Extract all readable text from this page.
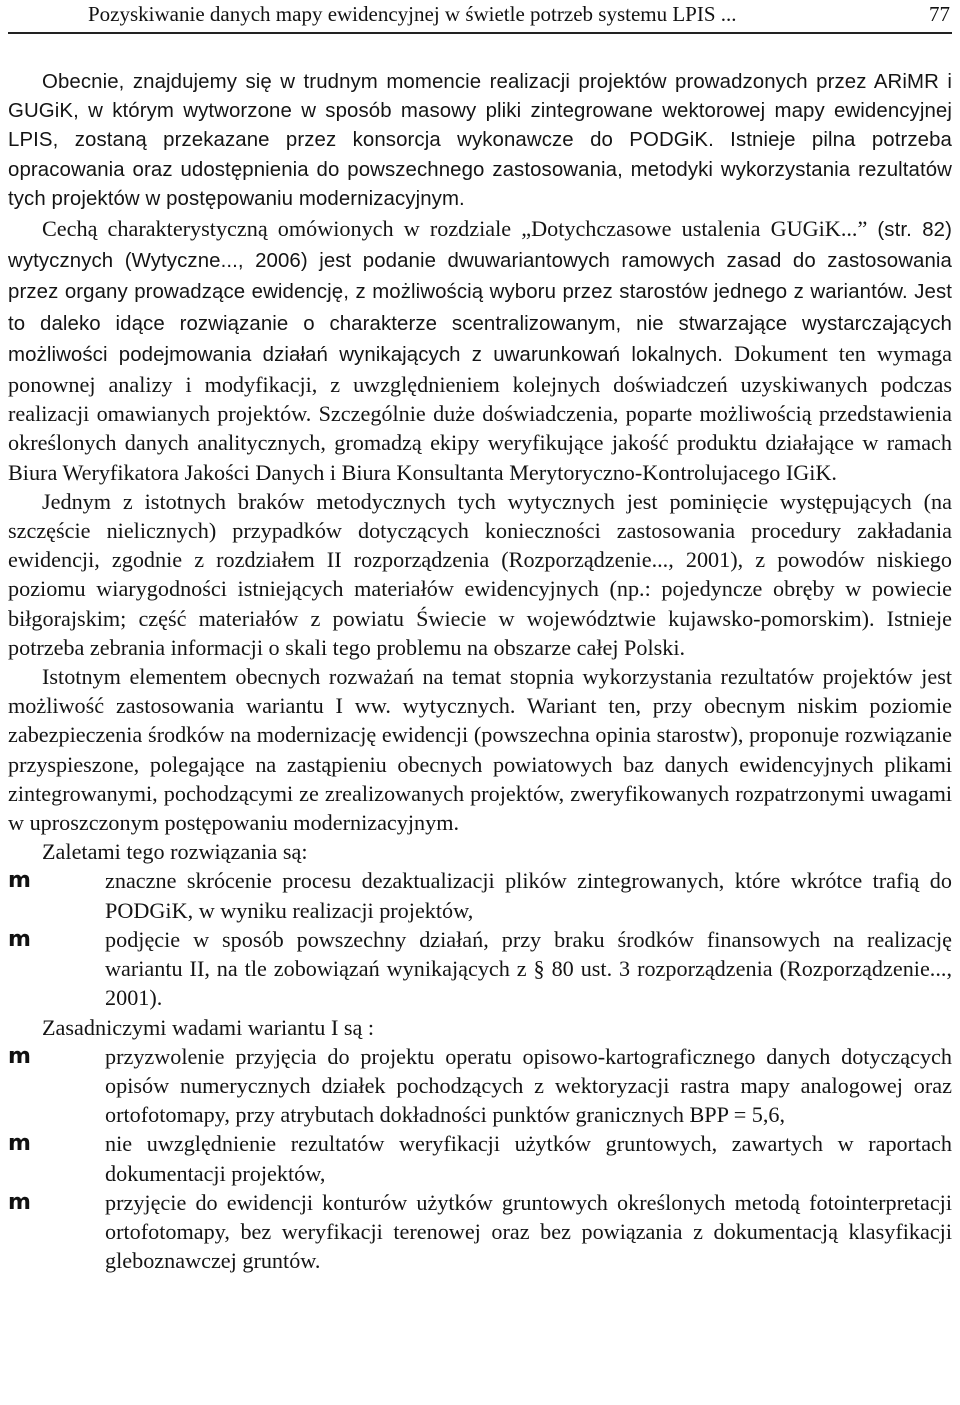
Pozyskiwanie danych mapy ewidencyjnej w świetle potrzeb systemu LPIS ...	77

Obecnie, znajdujemy się w trudnym momencie realizacji projektów prowadzonych przez ARiMR i GUGiK, w którym wytworzone w sposób masowy pliki zintegrowane wektorowej mapy ewidencyjnej LPIS, zostaną przekazane przez konsorcja wykonawcze do PODGiK. Istnieje pilna potrzeba opracowania oraz udostępnienia do powszechnego zastosowania, metodyki wykorzystania rezultatów tych projektów w postępowaniu modernizacyjnym.

Cechą charakterystyczną omówionych w rozdziale „Dotychczasowe ustalenia GUGiK...” (str. 82) wytycznych (Wytyczne..., 2006) jest podanie dwuwariantowych ramowych zasad do zastosowania przez organy prowadzące ewidencję, z możliwością wyboru przez starostów jednego z wariantów. Jest to daleko idące rozwiązanie o charakterze scentralizowanym, nie stwarzające wystarczających możliwości podejmowania działań wynikających z uwarunkowań lokalnych. Dokument ten wymaga ponownej analizy i modyfikacji, z uwzględnieniem kolejnych doświadczeń uzyskiwanych podczas realizacji omawianych projektów. Szczególnie duże doświadczenia, poparte możliwością przedstawienia określonych danych analitycznych, gromadzą ekipy weryfikujące jakość produktu działające w ramach Biura Weryfikatora Jakości Danych i Biura Konsultanta Merytoryczno-Kontrolujacego IGiK.

Jednym z istotnych braków metodycznych tych wytycznych jest pominięcie występujących (na szczęście nielicznych) przypadków dotyczących konieczności zastosowania procedury zakładania ewidencji, zgodnie z rozdziałem II rozporządzenia (Rozporządzenie..., 2001), z powodów niskiego poziomu wiarygodności istniejących materiałów ewidencyjnych (np.: pojedyncze obręby w powiecie biłgorajskim; część materiałów z powiatu Świecie w województwie kujawsko-pomorskim). Istnieje potrzeba zebrania informacji o skali tego problemu na obszarze całej Polski.

Istotnym elementem obecnych rozważań na temat stopnia wykorzystania rezultatów projektów jest możliwość zastosowania wariantu I ww. wytycznych. Wariant ten, przy obecnym niskim poziomie zabezpieczenia środków na modernizację ewidencji (powszechna opinia starostw), proponuje rozwiązanie przyspieszone, polegające na zastąpieniu obecnych powiatowych baz danych ewidencyjnych plikami zintegrowanymi, pochodzącymi ze zrealizowanych projektów, zweryfikowanych rozpatrzonymi uwagami w uproszczonym postępowaniu modernizacyjnym.

Zaletami tego rozwiązania są:

m	znaczne skrócenie procesu dezaktualizacji plików zintegrowanych, które wkrótce trafią do PODGiK, w wyniku realizacji projektów,
m	podjęcie w sposób powszechny działań, przy braku środków finansowych na realizację wariantu II, na tle zobowiązań wynikających z § 80 ust. 3 rozporządzenia (Rozporządzenie..., 2001).

Zasadniczymi wadami wariantu I są :

m	przyzwolenie przyjęcia do projektu operatu opisowo-kartograficznego danych dotyczących opisów numerycznych działek pochodzących z wektoryzacji rastra mapy analogowej oraz ortofotomapy, przy atrybutach dokładności punktów granicznych BPP = 5,6,
m	nie uwzględnienie rezultatów weryfikacji użytków gruntowych, zawartych w raportach dokumentacji projektów,
m	przyjęcie do ewidencji konturów użytków gruntowych określonych metodą fotointerpretacji ortofotomapy, bez weryfikacji terenowej oraz bez powiązania z dokumentacją klasyfikacji gleboznawczej gruntów.
